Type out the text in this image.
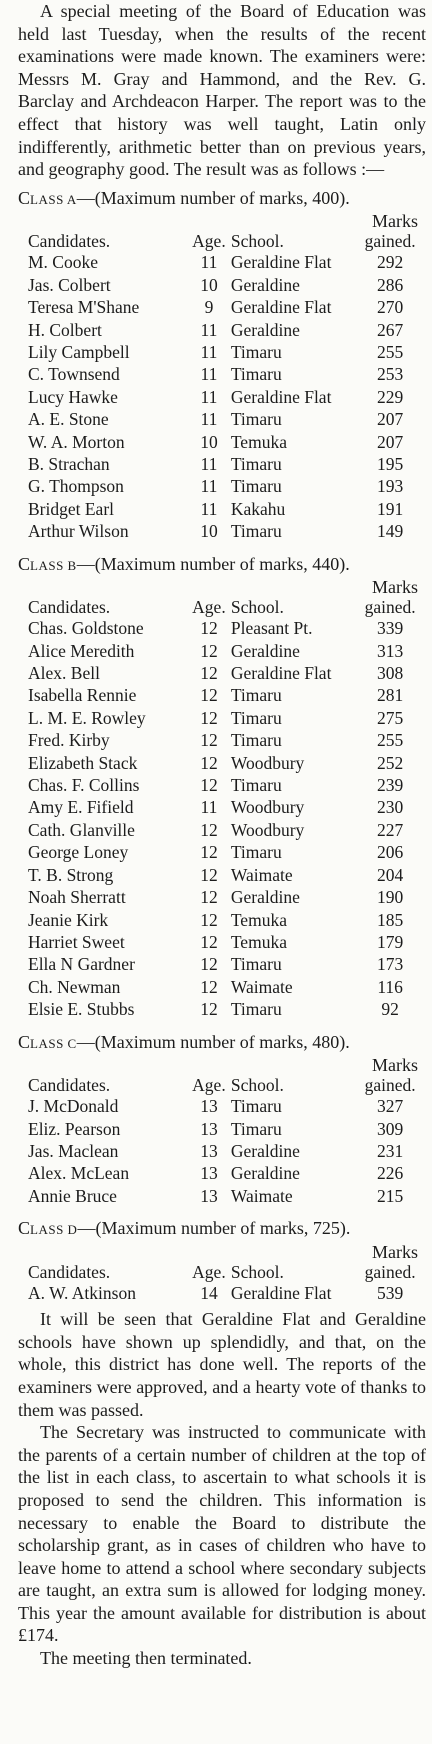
A special meeting of the Board of Education was held last Tuesday, when the results of the recent examinations were made known. The examiners were: Messrs M. Gray and Hammond, and the Rev. G. Barclay and Archdeacon Harper. The report was to the effect that history was well taught, Latin only indifferently, arithmetic better than on previous years, and geography good. The result was as follows :—

CLASS A—(Maximum number of marks, 400).
Marks
Candidates.	Age.	School.	gained.
M. Cooke	11	Geraldine Flat	292
Jas. Colbert	10	Geraldine	286
Teresa M'Shane	9	Geraldine Flat	270
H. Colbert	11	Geraldine	267
Lily Campbell	11	Timaru	255
C. Townsend	11	Timaru	253
Lucy Hawke	11	Geraldine Flat	229
A. E. Stone	11	Timaru	207
W. A. Morton	10	Temuka	207
B. Strachan	11	Timaru	195
G. Thompson	11	Timaru	193
Bridget Earl	11	Kakahu	191
Arthur Wilson	10	Timaru	149
CLASS B—(Maximum number of marks, 440).
Marks
Candidates.	Age.	School.	gained.
Chas. Goldstone	12	Pleasant Pt.	339
Alice Meredith	12	Geraldine	313
Alex. Bell	12	Geraldine Flat	308
Isabella Rennie	12	Timaru	281
L. M. E. Rowley	12	Timaru	275
Fred. Kirby	12	Timaru	255
Elizabeth Stack	12	Woodbury	252
Chas. F. Collins	12	Timaru	239
Amy E. Fifield	11	Woodbury	230
Cath. Glanville	12	Woodbury	227
George Loney	12	Timaru	206
T. B. Strong	12	Waimate	204
Noah Sherratt	12	Geraldine	190
Jeanie Kirk	12	Temuka	185
Harriet Sweet	12	Temuka	179
Ella N Gardner	12	Timaru	173
Ch. Newman	12	Waimate	116
Elsie E. Stubbs	12	Timaru	92
CLASS C—(Maximum number of marks, 480).
Marks
Candidates.	Age.	School.	gained.
J. McDonald	13	Timaru	327
Eliz. Pearson	13	Timaru	309
Jas. Maclean	13	Geraldine	231
Alex. McLean	13	Geraldine	226
Annie Bruce	13	Waimate	215
CLASS D—(Maximum number of marks, 725).
Marks
Candidates.	Age.	School.	gained.
A. W. Atkinson	14	Geraldine Flat	539

It will be seen that Geraldine Flat and Geraldine schools have shown up splendidly, and that, on the whole, this district has done well. The reports of the examiners were approved, and a hearty vote of thanks to them was passed.

The Secretary was instructed to communicate with the parents of a certain number of children at the top of the list in each class, to ascertain to what schools it is proposed to send the children. This information is necessary to enable the Board to distribute the scholarship grant, as in cases of children who have to leave home to attend a school where secondary subjects are taught, an extra sum is allowed for lodging money. This year the amount available for distribution is about £174.

The meeting then terminated.
